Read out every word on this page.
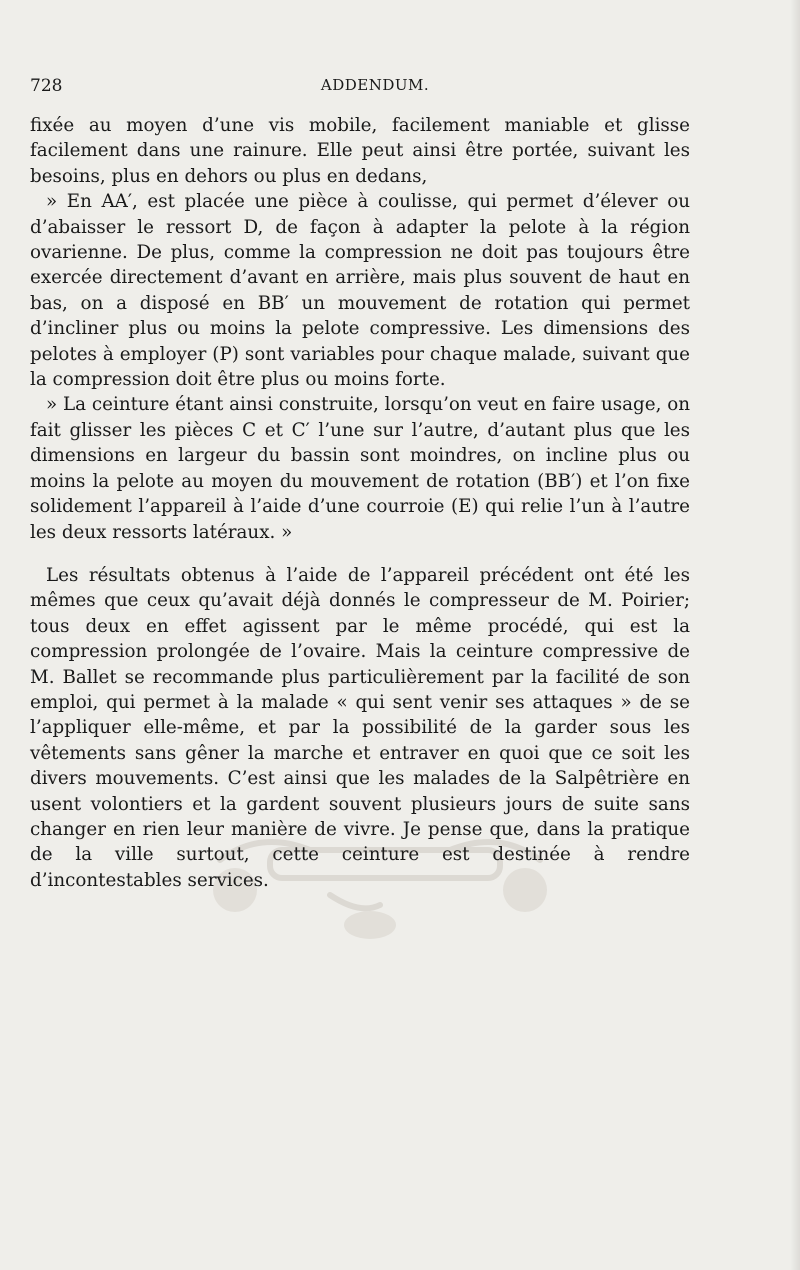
728	ADDENDUM.

fixée au moyen d’une vis mobile, facilement maniable et glisse facilement dans une rainure. Elle peut ainsi être portée, suivant les besoins, plus en dehors ou plus en dedans,

» En AA′, est placée une pièce à coulisse, qui permet d’élever ou d’abaisser le ressort D, de façon à adapter la pelote à la région ovarienne. De plus, comme la compression ne doit pas toujours être exercée directement d’avant en arrière, mais plus souvent de haut en bas, on a disposé en BB′ un mouvement de rotation qui permet d’incliner plus ou moins la pelote compressive. Les dimensions des pelotes à employer (P) sont variables pour chaque malade, suivant que la compression doit être plus ou moins forte.

» La ceinture étant ainsi construite, lorsqu’on veut en faire usage, on fait glisser les pièces C et C′ l’une sur l’autre, d’autant plus que les dimensions en largeur du bassin sont moindres, on incline plus ou moins la pelote au moyen du mouvement de rotation (BB′) et l’on fixe solidement l’appareil à l’aide d’une courroie (E) qui relie l’un à l’autre les deux ressorts latéraux. »

Les résultats obtenus à l’aide de l’appareil précédent ont été les mêmes que ceux qu’avait déjà donnés le compresseur de M. Poirier; tous deux en effet agissent par le même procédé, qui est la compression prolongée de l’ovaire. Mais la ceinture compressive de M. Ballet se recommande plus particulièrement par la facilité de son emploi, qui permet à la malade « qui sent venir ses attaques » de se l’appliquer elle-même, et par la possibilité de la garder sous les vêtements sans gêner la marche et entraver en quoi que ce soit les divers mouvements. C’est ainsi que les malades de la Salpêtrière en usent volontiers et la gardent souvent plusieurs jours de suite sans changer en rien leur manière de vivre. Je pense que, dans la pratique de la ville surtout, cette ceinture est destinée à rendre d’incontestables services.
